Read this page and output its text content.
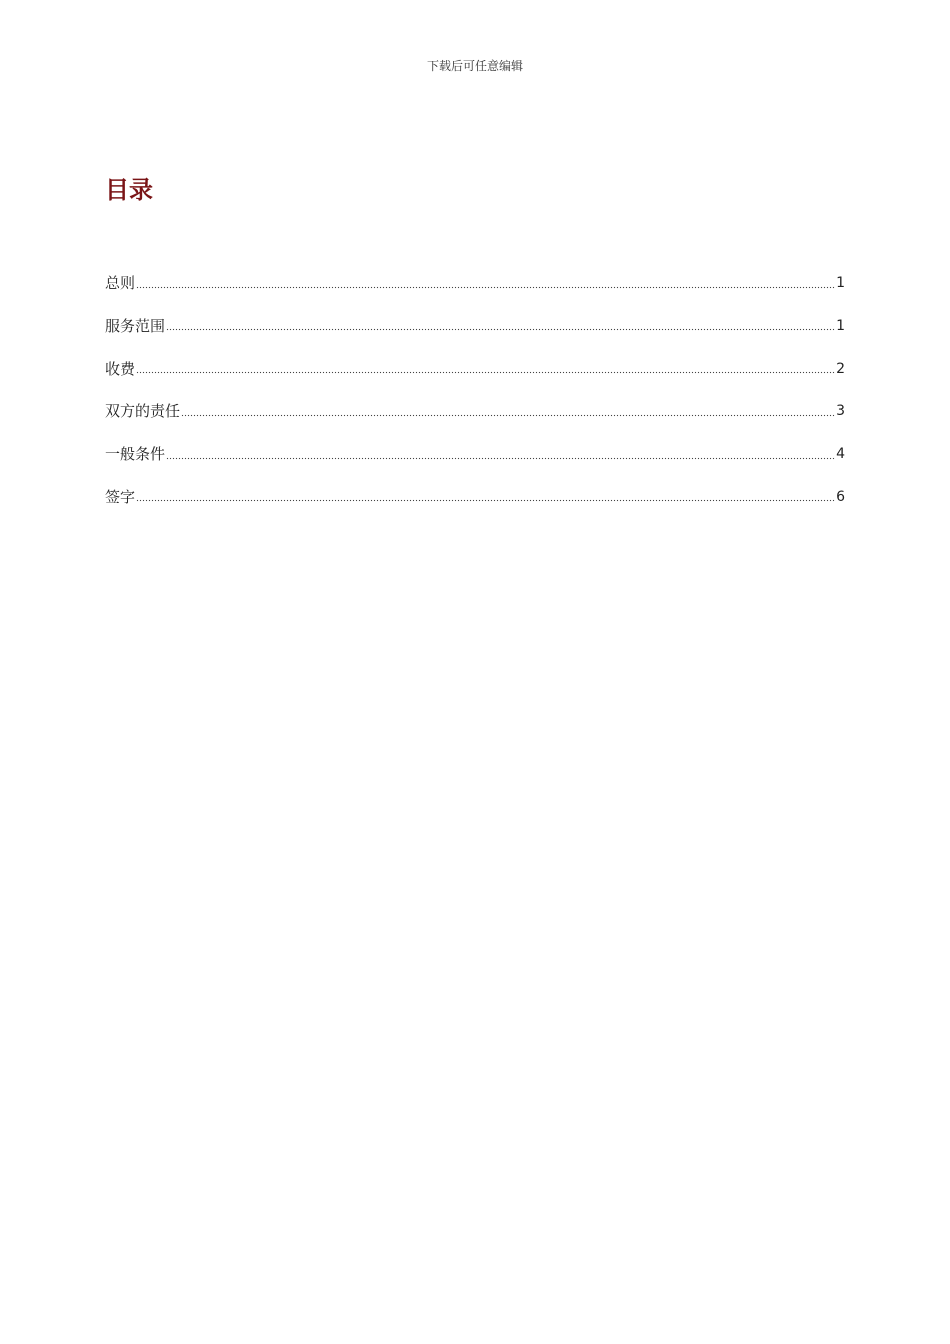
下载后可任意编辑
目录
总则	1
服务范围	1
收费	2
双方的责任	3
一般条件	4
签字	6
